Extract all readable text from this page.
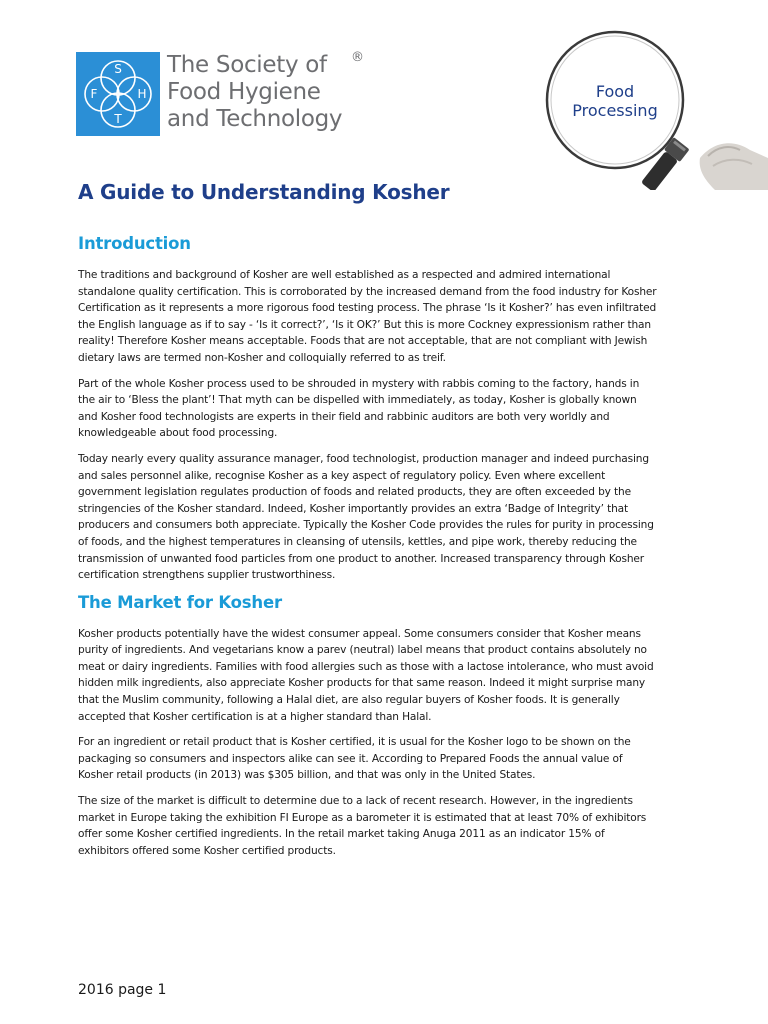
S
F	H
T
The Society of
Food Hygiene
and Technology
®
Food
Processing
A Guide to Understanding Kosher
Introduction

The traditions and background of Kosher are well established as a respected and admired international standalone quality certification. This is corroborated by the increased demand from the food industry for Kosher Certification as it represents a more rigorous food testing process. The phrase ‘Is it Kosher?’ has even infiltrated the English language as if to say - ‘Is it correct?’, ‘Is it OK?’ But this is more Cockney expressionism rather than reality! Therefore Kosher means acceptable. Foods that are not acceptable, that are not compliant with Jewish dietary laws are termed non-Kosher and colloquially referred to as treif.

Part of the whole Kosher process used to be shrouded in mystery with rabbis coming to the factory, hands in the air to ‘Bless the plant’! That myth can be dispelled with immediately, as today, Kosher is globally known and Kosher food technologists are experts in their field and rabbinic auditors are both very worldly and knowledgeable about food processing.

Today nearly every quality assurance manager, food technologist, production manager and indeed purchasing and sales personnel alike, recognise Kosher as a key aspect of regulatory policy. Even where excellent government legislation regulates production of foods and related products, they are often exceeded by the stringencies of the Kosher standard. Indeed, Kosher importantly provides an extra ‘Badge of Integrity’ that producers and consumers both appreciate. Typically the Kosher Code provides the rules for purity in processing of foods, and the highest temperatures in cleansing of utensils, kettles, and pipe work, thereby reducing the transmission of unwanted food particles from one product to another. Increased transparency through Kosher certification strengthens supplier trustworthiness.

The Market for Kosher

Kosher products potentially have the widest consumer appeal. Some consumers consider that Kosher means purity of ingredients. And vegetarians know a parev (neutral) label means that product contains absolutely no meat or dairy ingredients. Families with food allergies such as those with a lactose intolerance, who must avoid hidden milk ingredients, also appreciate Kosher products for that same reason. Indeed it might surprise many that the Muslim community, following a Halal diet, are also regular buyers of Kosher foods. It is generally accepted that Kosher certification is at a higher standard than Halal.

For an ingredient or retail product that is Kosher certified, it is usual for the Kosher logo to be shown on the packaging so consumers and inspectors alike can see it. According to Prepared Foods the annual value of Kosher retail products (in 2013) was $305 billion, and that was only in the United States.

The size of the market is difficult to determine due to a lack of recent research. However, in the ingredients market in Europe taking the exhibition FI Europe as a barometer it is estimated that at least 70% of exhibitors offer some Kosher certified ingredients. In the retail market taking Anuga 2011 as an indicator 15% of exhibitors offered some Kosher certified products.

2016 page 1
